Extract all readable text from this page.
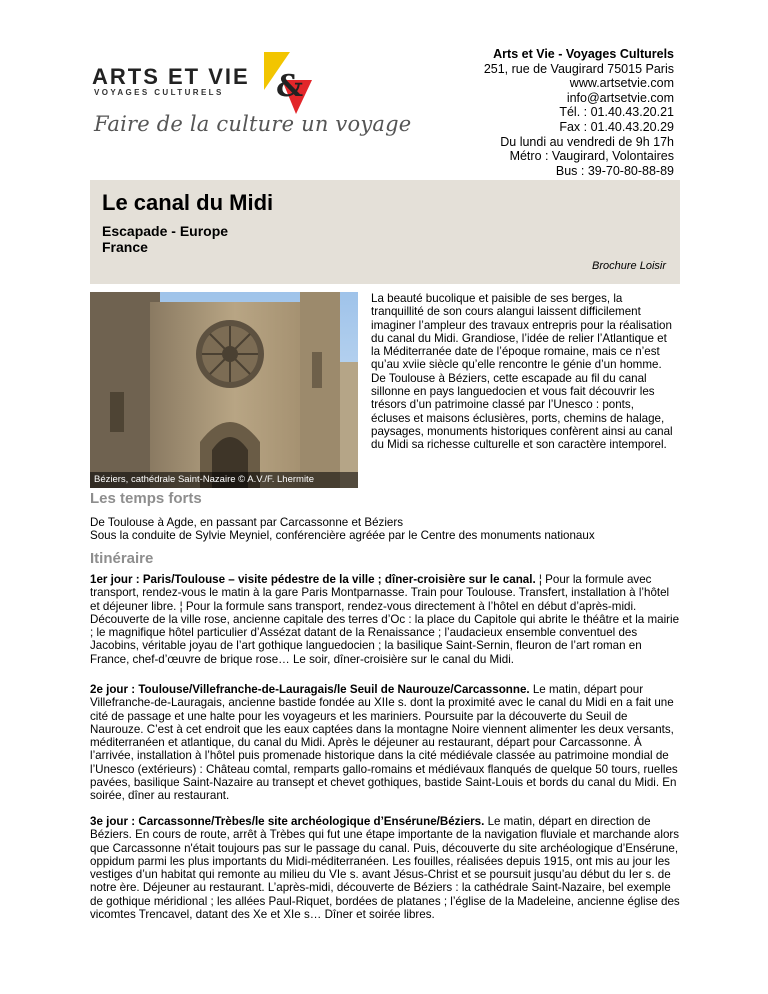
ARTS ET VIE
VOYAGES CULTURELS &
Faire de la culture un voyage
Arts et Vie - Voyages Culturels
251, rue de Vaugirard 75015 Paris
www.artsetvie.com
info@artsetvie.com
Tél. : 01.40.43.20.21
Fax : 01.40.43.20.29
Du lundi au vendredi de 9h 17h
Métro : Vaugirard, Volontaires
Bus : 39-70-80-88-89
Le canal du Midi
Escapade - Europe
France
Brochure Loisir
Béziers, cathédrale Saint-Nazaire © A.V./F. Lhermite
La beauté bucolique et paisible de ses berges, la tranquillité de son cours alangui laissent difficilement imaginer l’ampleur des travaux entrepris pour la réalisation du canal du Midi. Grandiose, l’idée de relier l’Atlantique et la Méditerranée date de l’époque romaine, mais ce n’est qu’au xviie siècle qu’elle rencontre le génie d’un homme. De Toulouse à Béziers, cette escapade au fil du canal sillonne en pays languedocien et vous fait découvrir les trésors d’un patrimoine classé par l’Unesco : ponts, écluses et maisons éclusières, ports, chemins de halage, paysages, monuments historiques confèrent ainsi au canal du Midi sa richesse culturelle et son caractère intemporel.
Les temps forts

De Toulouse à Agde, en passant par Carcassonne et Béziers

Sous la conduite de Sylvie Meyniel, conférencière agréée par le Centre des monuments nationaux

Itinéraire

1er jour : Paris/Toulouse – visite pédestre de la ville ; dîner-croisière sur le canal. ¦ Pour la formule avec transport, rendez-vous le matin à la gare Paris Montparnasse. Train pour Toulouse. Transfert, installation à l’hôtel et déjeuner libre. ¦ Pour la formule sans transport, rendez-vous directement à l’hôtel en début d’après-midi. Découverte de la ville rose, ancienne capitale des terres d’Oc : la place du Capitole qui abrite le théâtre et la mairie ; le magnifique hôtel particulier d’Assézat datant de la Renaissance ; l’audacieux ensemble conventuel des Jacobins, véritable joyau de l’art gothique languedocien ; la basilique Saint-Sernin, fleuron de l’art roman en France, chef-d’œuvre de brique rose… Le soir, dîner-croisière sur le canal du Midi.

2e jour : Toulouse/Villefranche-de-Lauragais/le Seuil de Naurouze/Carcassonne. Le matin, départ pour Villefranche-de-Lauragais, ancienne bastide fondée au XIIe s. dont la proximité avec le canal du Midi en a fait une cité de passage et une halte pour les voyageurs et les mariniers. Poursuite par la découverte du Seuil de Naurouze. C’est à cet endroit que les eaux captées dans la montagne Noire viennent alimenter les deux versants, méditerranéen et atlantique, du canal du Midi. Après le déjeuner au restaurant, départ pour Carcassonne. À l’arrivée, installation à l’hôtel puis promenade historique dans la cité médiévale classée au patrimoine mondial de l’Unesco (extérieurs) : Château comtal, remparts gallo-romains et médiévaux flanqués de quelque 50 tours, ruelles pavées, basilique Saint-Nazaire au transept et chevet gothiques, bastide Saint-Louis et bords du canal du Midi. En soirée, dîner au restaurant.

3e jour : Carcassonne/Trèbes/le site archéologique d’Ensérune/Béziers. Le matin, départ en direction de Béziers. En cours de route, arrêt à Trèbes qui fut une étape importante de la navigation fluviale et marchande alors que Carcassonne n'était toujours pas sur le passage du canal. Puis, découverte du site archéologique d’Ensérune, oppidum parmi les plus importants du Midi-méditerranéen. Les fouilles, réalisées depuis 1915, ont mis au jour les vestiges d’un habitat qui remonte au milieu du VIe s. avant Jésus-Christ et se poursuit jusqu’au début du Ier s. de notre ère. Déjeuner au restaurant. L’après-midi, découverte de Béziers : la cathédrale Saint-Nazaire, bel exemple de gothique méridional ; les allées Paul-Riquet, bordées de platanes ; l’église de la Madeleine, ancienne église des vicomtes Trencavel, datant des Xe et XIe s… Dîner et soirée libres.
